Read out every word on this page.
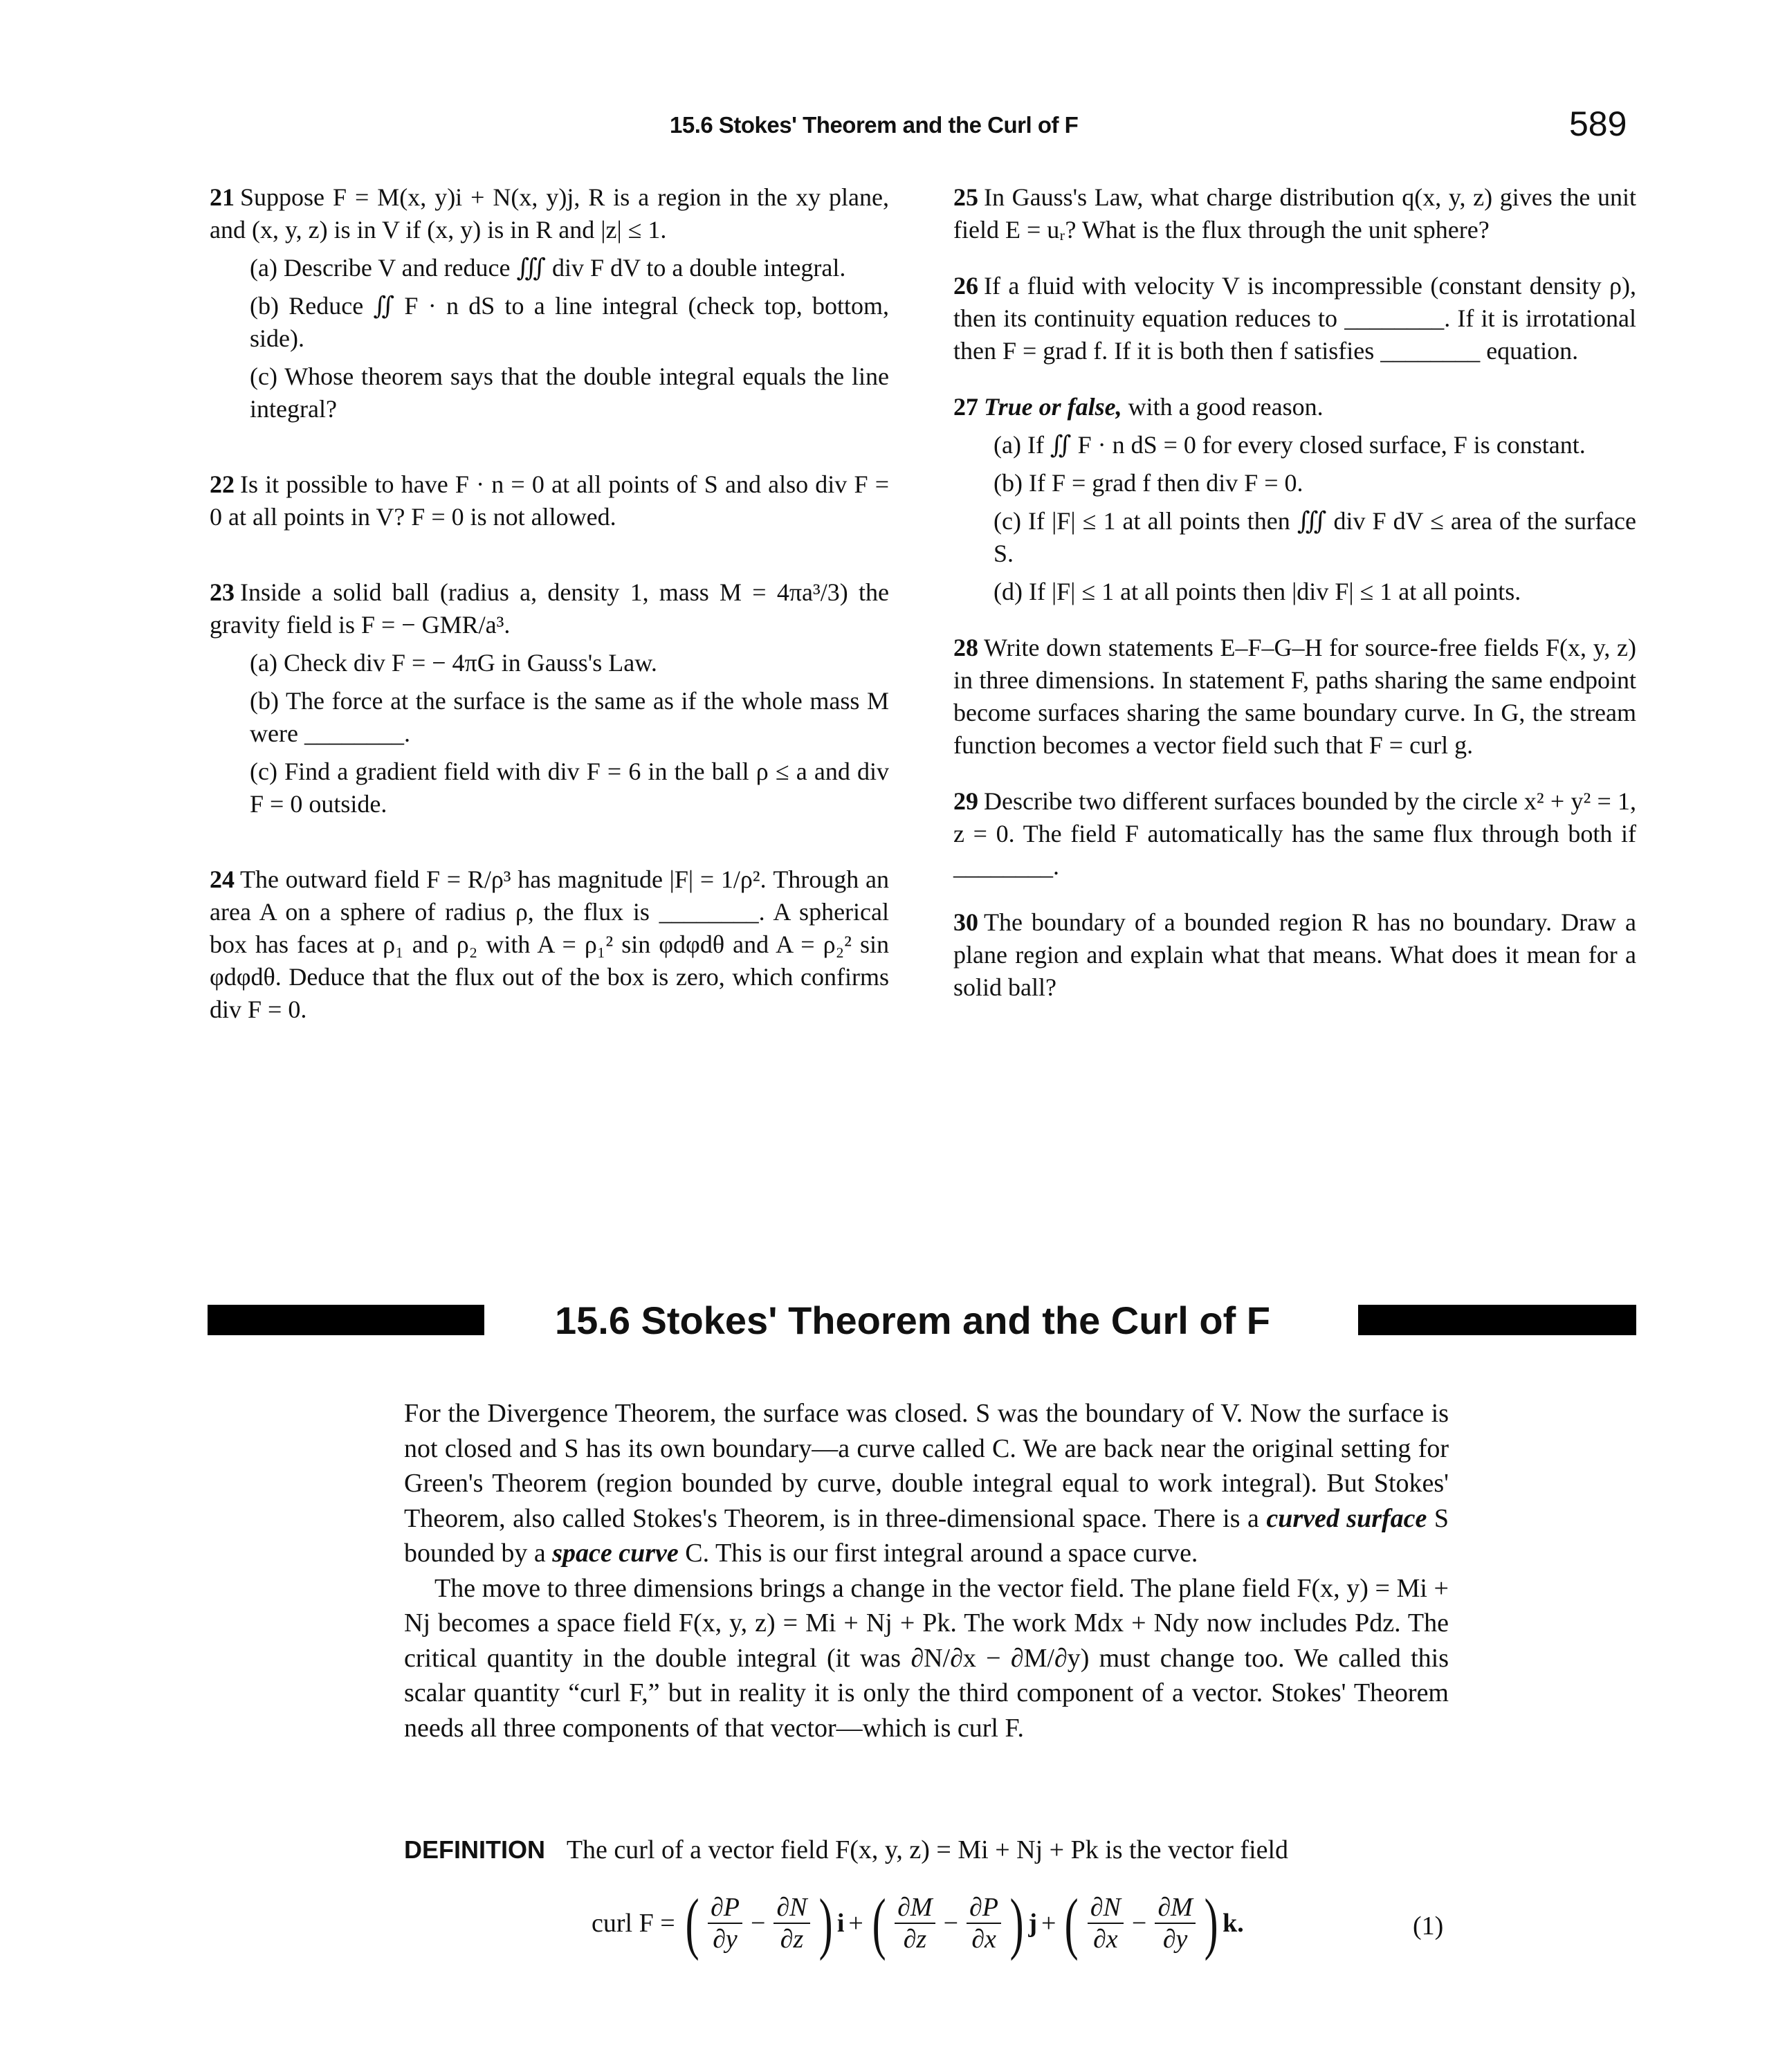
15.6 Stokes' Theorem and the Curl of F	589
21 Suppose F = M(x, y)i + N(x, y)j, R is a region in the xy plane, and (x, y, z) is in V if (x, y) is in R and |z| ≤ 1.
(a) Describe V and reduce ∭ div F dV to a double integral.
(b) Reduce ∬ F · n dS to a line integral (check top, bottom, side).
(c) Whose theorem says that the double integral equals the line integral?
22 Is it possible to have F · n = 0 at all points of S and also div F = 0 at all points in V? F = 0 is not allowed.
23 Inside a solid ball (radius a, density 1, mass M = 4πa³/3) the gravity field is F = − GMR/a³.
(a) Check div F = − 4πG in Gauss's Law.
(b) The force at the surface is the same as if the whole mass M were ________.
(c) Find a gradient field with div F = 6 in the ball ρ ≤ a and div F = 0 outside.
24 The outward field F = R/ρ³ has magnitude |F| = 1/ρ². Through an area A on a sphere of radius ρ, the flux is ________. A spherical box has faces at ρ₁ and ρ₂ with A = ρ₁² sin φdφdθ and A = ρ₂² sin φdφdθ. Deduce that the flux out of the box is zero, which confirms div F = 0.
25 In Gauss's Law, what charge distribution q(x, y, z) gives the unit field E = uᵣ? What is the flux through the unit sphere?
26 If a fluid with velocity V is incompressible (constant density ρ), then its continuity equation reduces to ________. If it is irrotational then F = grad f. If it is both then f satisfies ________ equation.
27 True or false, with a good reason.
(a) If ∬ F · n dS = 0 for every closed surface, F is constant.
(b) If F = grad f then div F = 0.
(c) If |F| ≤ 1 at all points then ∭ div F dV ≤ area of the surface S.
(d) If |F| ≤ 1 at all points then |div F| ≤ 1 at all points.
28 Write down statements E–F–G–H for source-free fields F(x, y, z) in three dimensions. In statement F, paths sharing the same endpoint become surfaces sharing the same boundary curve. In G, the stream function becomes a vector field such that F = curl g.
29 Describe two different surfaces bounded by the circle x² + y² = 1, z = 0. The field F automatically has the same flux through both if ________.
30 The boundary of a bounded region R has no boundary. Draw a plane region and explain what that means. What does it mean for a solid ball?
15.6 Stokes' Theorem and the Curl of F

For the Divergence Theorem, the surface was closed. S was the boundary of V. Now the surface is not closed and S has its own boundary—a curve called C. We are back near the original setting for Green's Theorem (region bounded by curve, double integral equal to work integral). But Stokes' Theorem, also called Stokes's Theorem, is in three-dimensional space. There is a curved surface S bounded by a space curve C. This is our first integral around a space curve.

The move to three dimensions brings a change in the vector field. The plane field F(x, y) = Mi + Nj becomes a space field F(x, y, z) = Mi + Nj + Pk. The work Mdx + Ndy now includes Pdz. The critical quantity in the double integral (it was ∂N/∂x − ∂M/∂y) must change too. We called this scalar quantity “curl F,” but in reality it is only the third component of a vector. Stokes' Theorem needs all three components of that vector—which is curl F.

DEFINITION The curl of a vector field F(x, y, z) = Mi + Nj + Pk is the vector field
curl F = ( $\frac{\partial P}{\partial y} - \frac{\partial N}{\partial z}$ ) i + ( $\frac{\partial M}{\partial z} - \frac{\partial P}{\partial x}$ ) j + ( $\frac{\partial N}{\partial x} - \frac{\partial M}{\partial y}$ ) k.	(1)
